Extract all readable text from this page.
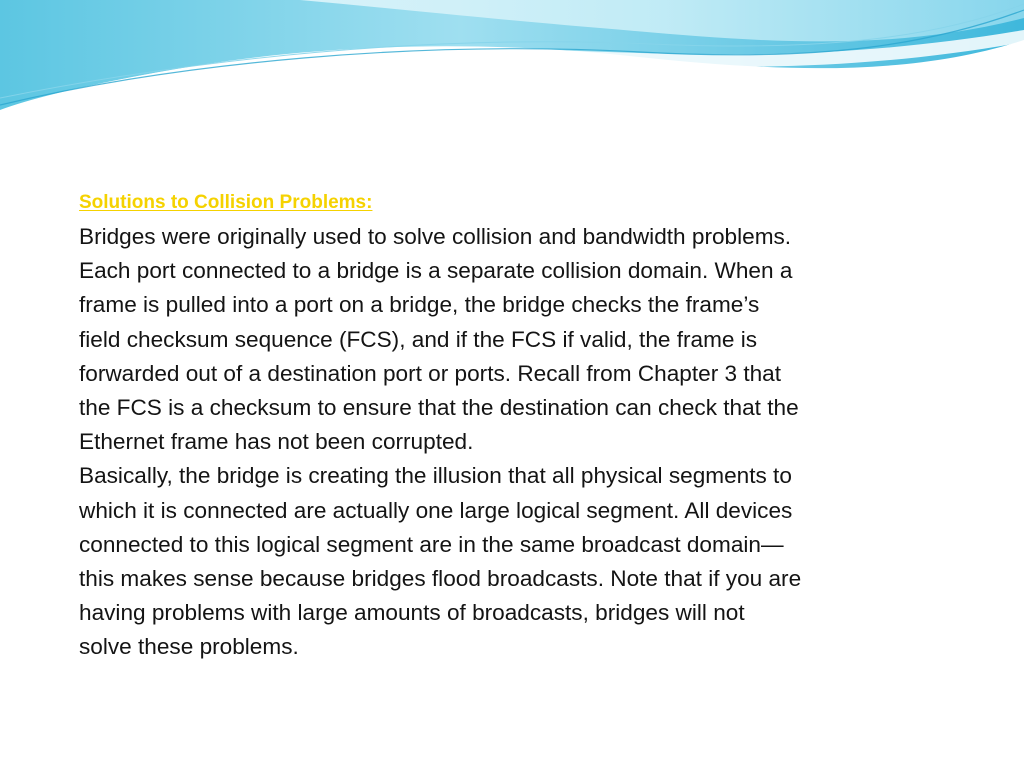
Solutions to Collision Problems:

Bridges were originally used to solve collision and bandwidth problems.
Each port connected to a bridge is a separate collision domain. When a
frame is pulled into a port on a bridge, the bridge checks the frame’s
field checksum sequence (FCS), and if the FCS if valid, the frame is
forwarded out of a destination port or ports. Recall from Chapter 3 that
the FCS is a checksum to ensure that the destination can check that the
Ethernet frame has not been corrupted.

Basically, the bridge is creating the illusion that all physical segments to
which it is connected are actually one large logical segment. All devices
connected to this logical segment are in the same broadcast domain—
this makes sense because bridges flood broadcasts. Note that if you are
having problems with large amounts of broadcasts, bridges will not
solve these problems.
